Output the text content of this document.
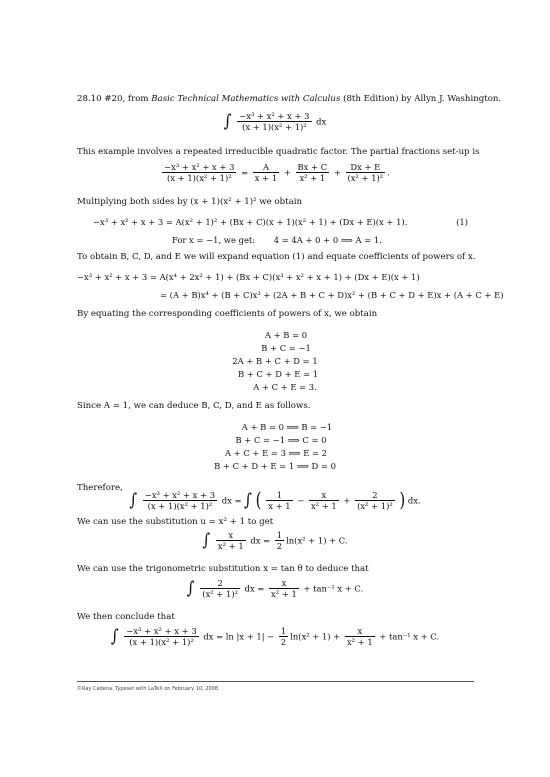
28.10 #20, from Basic Technical Mathematics with Calculus (8th Edition) by Allyn J. Washington.
∫ $\frac{\text{−x³ + x² + x + 3}}{\text{(x + 1)(x² + 1)²}}$ dx
This example involves a repeated irreducible quadratic factor. The partial fractions set-up is
$\frac{\text{−x³ + x² + x + 3}}{\text{(x + 1)(x² + 1)²}} = \frac{A}{x + 1} + \frac{Bx + C}{\text{x² + 1}} + \frac{Dx + E}{\text{(x² + 1)²}}$ .
Multiplying both sides by (x + 1)(x² + 1)² we obtain
−x³ + x² + x + 3 = A(x² + 1)² + (Bx + C)(x + 1)(x² + 1) + (Dx + E)(x + 1).	(1)
For x = −1, we get: 4 = 4A + 0 + 0 ⟹ A = 1.
To obtain B, C, D, and E we will expand equation (1) and equate coefficients of powers of x.
−x³ + x² + x + 3 = A(x⁴ + 2x² + 1) + (Bx + C)(x³ + x² + x + 1) + (Dx + E)(x + 1)
= (A + B)x⁴ + (B + C)x³ + (2A + B + C + D)x² + (B + C + D + E)x + (A + C + E)
By equating the corresponding coefficients of powers of x, we obtain
A + B = 0
B + C = −1
2A + B + C + D = 1
B + C + D + E = 1
A + C + E = 3.
Since A = 1, we can deduce B, C, D, and E as follows.
A + B = 0 ⟹ B = −1
B + C = −1 ⟹ C = 0
A + C + E = 3 ⟹ E = 2
B + C + D + E = 1 ⟹ D = 0
Therefore,
∫ $\frac{\text{−x³ + x² + x + 3}}{\text{(x + 1)(x² + 1)²}}$ dx = ∫ ( $\frac{1}{x + 1} - \frac{x}{\text{x² + 1}} + \frac{2}{\text{(x² + 1)²}}$ ) dx.
We can use the substitution u = x² + 1 to get
∫ $\frac{x}{\text{x² + 1}}$ dx = $\frac{1}{2} \ln(x^2 + 1) + C$.
We can use the trigonometric substitution x = tan θ to deduce that
∫ $\frac{2}{\text{(x² + 1)²}}$ dx = $\frac{x}{\text{x² + 1}} + \tan^{-1}$ x + C.
We then conclude that
∫ $\frac{\text{−x³ + x² + x + 3}}{\text{(x + 1)(x² + 1)²}}$ dx = $\ln |x + 1| - \frac{1}{2} \ln(x^2 + 1) + \frac{x}{\text{x² + 1}} + \tan^{-1}$ x + C.
©Ray Cadena. Typeset with LaTeX on February 10, 2008.
